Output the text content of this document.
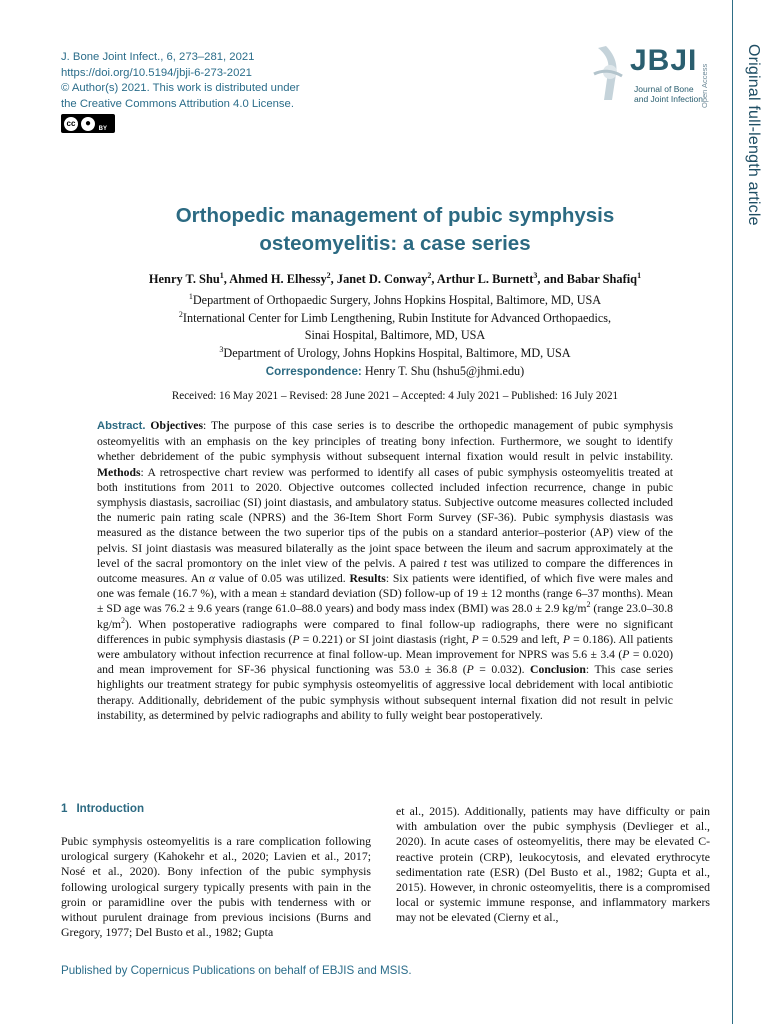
Original full-length article
J. Bone Joint Infect., 6, 273–281, 2021
https://doi.org/10.5194/jbji-6-273-2021
© Author(s) 2021. This work is distributed under
the Creative Commons Attribution 4.0 License.
cc ●	BY
JBJI
Journal of Bone
and Joint Infection
Open Access
Orthopedic management of pubic symphysis
osteomyelitis: a case series
Henry T. Shu$^1$, Ahmed H. Elhessy$^2$, Janet D. Conway$^2$, Arthur L. Burnett$^3$, and Babar Shafiq$^1$
$^1$Department of Orthopaedic Surgery, Johns Hopkins Hospital, Baltimore, MD, USA
$^2$International Center for Limb Lengthening, Rubin Institute for Advanced Orthopaedics,
Sinai Hospital, Baltimore, MD, USA
$^3$Department of Urology, Johns Hopkins Hospital, Baltimore, MD, USA
Correspondence: Henry T. Shu (hshu5@jhmi.edu)
Received: 16 May 2021 – Revised: 28 June 2021 – Accepted: 4 July 2021 – Published: 16 July 2021
Abstract. Objectives: The purpose of this case series is to describe the orthopedic management of pubic symphysis osteomyelitis with an emphasis on the key principles of treating bony infection. Furthermore, we sought to identify whether debridement of the pubic symphysis without subsequent internal fixation would result in pelvic instability. Methods: A retrospective chart review was performed to identify all cases of pubic symphysis osteomyelitis treated at both institutions from 2011 to 2020. Objective outcomes collected included infection recurrence, change in pubic symphysis diastasis, sacroiliac (SI) joint diastasis, and ambulatory status. Subjective outcome measures collected included the numeric pain rating scale (NPRS) and the 36-Item Short Form Survey (SF-36). Pubic symphysis diastasis was measured as the distance between the two superior tips of the pubis on a standard anterior–posterior (AP) view of the pelvis. SI joint diastasis was measured bilaterally as the joint space between the ileum and sacrum approximately at the level of the sacral promontory on the inlet view of the pelvis. A paired t test was utilized to compare the differences in outcome measures. An α value of 0.05 was utilized. Results: Six patients were identified, of which five were males and one was female (16.7 %), with a mean ± standard deviation (SD) follow-up of 19 ± 12 months (range 6–37 months). Mean ± SD age was 76.2 ± 9.6 years (range 61.0–88.0 years) and body mass index (BMI) was 28.0 ± 2.9 $kg/m^2$ (range 23.0–30.8 $kg/m^2$). When postoperative radiographs were compared to final follow-up radiographs, there were no significant differences in pubic symphysis diastasis (P = 0.221) or SI joint diastasis (right, P = 0.529 and left, P = 0.186). All patients were ambulatory without infection recurrence at final follow-up. Mean improvement for NPRS was 5.6 ± 3.4 (P = 0.020) and mean improvement for SF-36 physical functioning was 53.0 ± 36.8 (P = 0.032). Conclusion: This case series highlights our treatment strategy for pubic symphysis osteomyelitis of aggressive local debridement with local antibiotic therapy. Additionally, debridement of the pubic symphysis without subsequent internal fixation did not result in pelvic instability, as determined by pelvic radiographs and ability to fully weight bear postoperatively.
1 Introduction
Pubic symphysis osteomyelitis is a rare complication following urological surgery (Kahokehr et al., 2020; Lavien et al., 2017; Nosé et al., 2020). Bony infection of the pubic symphysis following urological surgery typically presents with pain in the groin or paramidline over the pubis with tenderness with or without purulent drainage from previous incisions (Burns and Gregory, 1977; Del Busto et al., 1982; Gupta
et al., 2015). Additionally, patients may have difficulty or pain with ambulation over the pubic symphysis (Devlieger et al., 2020). In acute cases of osteomyelitis, there may be elevated C-reactive protein (CRP), leukocytosis, and elevated erythrocyte sedimentation rate (ESR) (Del Busto et al., 1982; Gupta et al., 2015). However, in chronic osteomyelitis, there is a compromised local or systemic immune response, and inflammatory markers may not be elevated (Cierny et al.,
Published by Copernicus Publications on behalf of EBJIS and MSIS.
